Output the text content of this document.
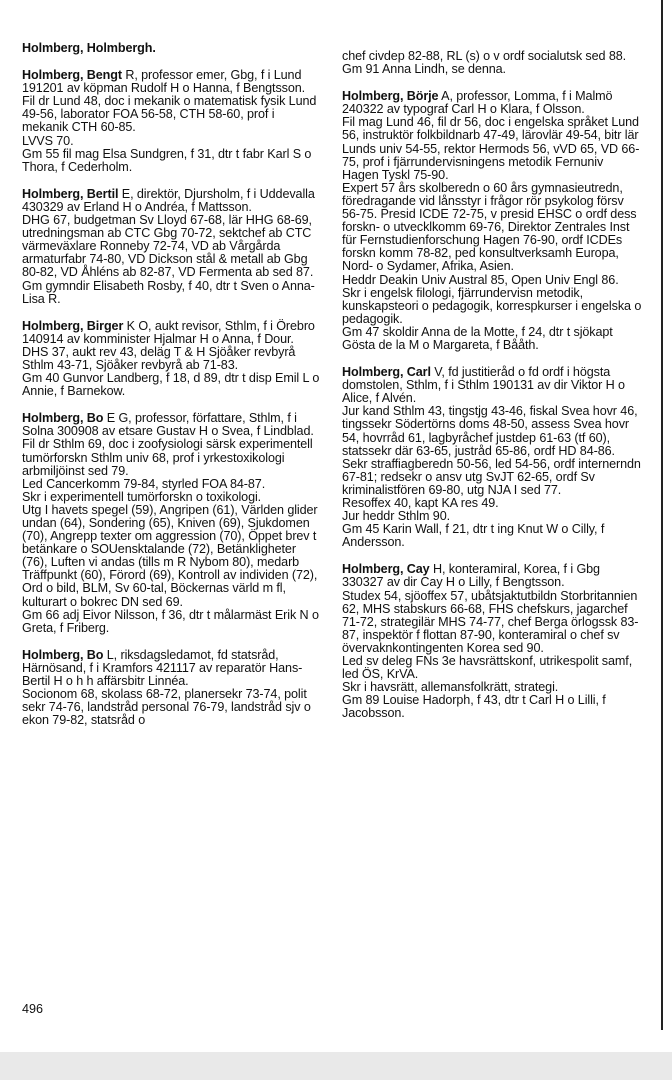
Holmberg, Holmbergh.

Holmberg, Bengt R, professor emer, Gbg, f i Lund 191201 av köpman Rudolf H o Hanna, f Bengtsson.

Fil dr Lund 48, doc i mekanik o matematisk fysik Lund 49-56, laborator FOA 56-58, CTH 58-60, prof i mekanik CTH 60-85.

LVVS 70.

Gm 55 fil mag Elsa Sundgren, f 31, dtr t fabr Karl S o Thora, f Cederholm.

Holmberg, Bertil E, direktör, Djursholm, f i Uddevalla 430329 av Erland H o Andréa, f Mattsson.

DHG 67, budgetman Sv Lloyd 67-68, lär HHG 68-69, utredningsman ab CTC Gbg 70-72, sektchef ab CTC värmeväxlare Ronneby 72-74, VD ab Vårgårda armaturfabr 74-80, VD Dickson stål & metall ab Gbg 80-82, VD Åhléns ab 82-87, VD Fermenta ab sed 87.

Gm gymndir Elisabeth Rosby, f 40, dtr t Sven o Anna-Lisa R.

Holmberg, Birger K O, aukt revisor, Sthlm, f i Örebro 140914 av komminister Hjalmar H o Anna, f Dour.

DHS 37, aukt rev 43, deläg T & H Sjöåker revbyrå Sthlm 43-71, Sjöåker revbyrå ab 71-83.

Gm 40 Gunvor Landberg, f 18, d 89, dtr t disp Emil L o Annie, f Barnekow.

Holmberg, Bo E G, professor, författare, Sthlm, f i Solna 300908 av etsare Gustav H o Svea, f Lindblad.

Fil dr Sthlm 69, doc i zoofysiologi särsk experimentell tumörforskn Sthlm univ 68, prof i yrkestoxikologi arbmiljöinst sed 79.

Led Cancerkomm 79-84, styrled FOA 84-87.

Skr i experimentell tumörforskn o toxikologi.

Utg I havets spegel (59), Angripen (61), Världen glider undan (64), Sondering (65), Kniven (69), Sjukdomen (70), Angrepp texter om aggression (70), Öppet brev t betänkare o SOUensktalande (72), Betänkligheter (76), Luften vi andas (tills m R Nybom 80), medarb Träffpunkt (60), Förord (69), Kontroll av individen (72), Ord o bild, BLM, Sv 60-tal, Böckernas värld m fl, kulturart o bokrec DN sed 69.

Gm 66 adj Eivor Nilsson, f 36, dtr t målarmäst Erik N o Greta, f Friberg.

Holmberg, Bo L, riksdagsledamot, fd statsråd, Härnösand, f i Kramfors 421117 av reparatör Hans-Bertil H o h h affärsbitr Linnéa.

Socionom 68, skolass 68-72, planersekr 73-74, polit sekr 74-76, landstråd personal 76-79, landstråd sjv o ekon 79-82, statsråd o

chef civdep 82-88, RL (s) o v ordf socialutsk sed 88.

Gm 91 Anna Lindh, se denna.

Holmberg, Börje A, professor, Lomma, f i Malmö 240322 av typograf Carl H o Klara, f Olsson.

Fil mag Lund 46, fil dr 56, doc i engelska språket Lund 56, instruktör folkbildnarb 47-49, lärovlär 49-54, bitr lär Lunds univ 54-55, rektor Hermods 56, vVD 65, VD 66-75, prof i fjärrundervisningens metodik Fernuniv Hagen Tyskl 75-90.

Expert 57 års skolberedn o 60 års gymnasieutredn, föredragande vid lånsstyr i frågor rör psykolog försv 56-75. Presid ICDE 72-75, v presid EHSC o ordf dess forskn- o utvecklkomm 69-76, Direktor Zentrales Inst für Fernstudienforschung Hagen 76-90, ordf ICDEs forskn komm 78-82, ped konsultverksamh Europa, Nord- o Sydamer, Afrika, Asien.

Heddr Deakin Univ Austral 85, Open Univ Engl 86.

Skr i engelsk filologi, fjärrundervisn metodik, kunskapsteori o pedagogik, korrespkurser i engelska o pedagogik.

Gm 47 skoldir Anna de la Motte, f 24, dtr t sjökapt Gösta de la M o Margareta, f Bååth.

Holmberg, Carl V, fd justitieråd o fd ordf i högsta domstolen, Sthlm, f i Sthlm 190131 av dir Viktor H o Alice, f Alvén.

Jur kand Sthlm 43, tingstjg 43-46, fiskal Svea hovr 46, tingssekr Södertörns doms 48-50, assess Svea hovr 54, hovrråd 61, lagbyråchef justdep 61-63 (tf 60), statssekr där 63-65, justråd 65-86, ordf HD 84-86.

Sekr straffiagberedn 50-56, led 54-56, ordf internerndn 67-81; redsekr o ansv utg SvJT 62-65, ordf Sv kriminalistfören 69-80, utg NJA I sed 77.

Resoffex 40, kapt KA res 49.

Jur heddr Sthlm 90.

Gm 45 Karin Wall, f 21, dtr t ing Knut W o Cilly, f Andersson.

Holmberg, Cay H, konteramiral, Korea, f i Gbg 330327 av dir Cay H o Lilly, f Bengtsson.

Studex 54, sjöoffex 57, ubåtsjaktutbildn Storbritannien 62, MHS stabskurs 66-68, FHS chefskurs, jagarchef 71-72, strategilär MHS 74-77, chef Berga örlogssk 83-87, inspektör f flottan 87-90, konteramiral o chef sv övervaknkontingenten Korea sed 90.

Led sv deleg FNs 3e havsrättskonf, utrikespolit samf, led ÖS, KrVA.

Skr i havsrätt, allemansfolkrätt, strategi.

Gm 89 Louise Hadorph, f 43, dtr t Carl H o Lilli, f Jacobsson.

496
